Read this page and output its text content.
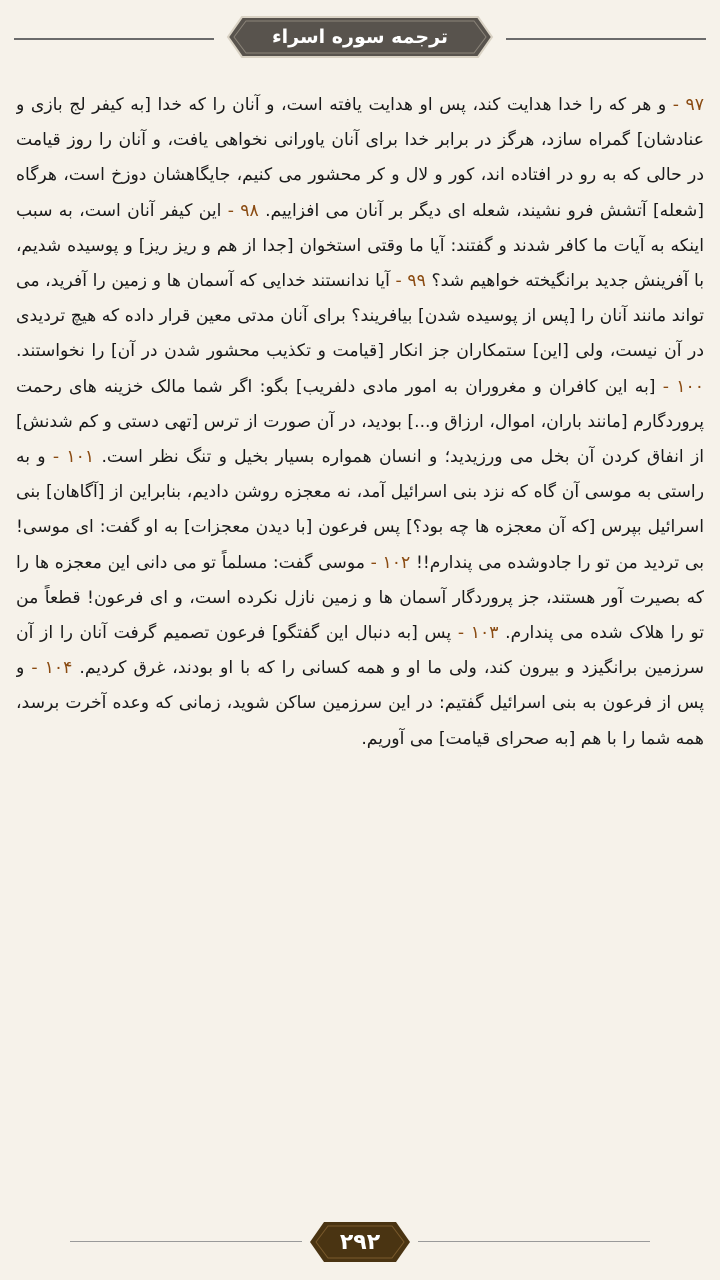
ترجمه سوره اسراء

۹۷ - و هر که را خدا هدایت کند، پس او هدایت یافته است، و آنان را که خدا [به کیفر لج بازی و عنادشان] گمراه سازد، هرگز در برابر خدا برای آنان یاورانی نخواهی یافت، و آنان را روز قیامت در حالی که به رو در افتاده اند، کور و لال و کر محشور می کنیم، جایگاهشان دوزخ است، هرگاه [شعله] آتشش فرو نشیند، شعله ای دیگر بر آنان می افزاییم. ۹۸ - این کیفر آنان است، به سبب اینکه به آیات ما کافر شدند و گفتند: آیا ما وقتی استخوان [جدا از هم و ریز ریز] و پوسیده شدیم، با آفرینش جدید برانگیخته خواهیم شد؟ ۹۹ - آیا ندانستند خدایی که آسمان ها و زمین را آفرید، می تواند مانند آنان را [پس از پوسیده شدن] بیافریند؟ برای آنان مدتی معین قرار داده که هیچ تردیدی در آن نیست، ولی [این] ستمکاران جز انکار [قیامت و تکذیب محشور شدن در آن] را نخواستند. ۱۰۰ - [به این کافران و مغروران به امور مادی دلفریب] بگو: اگر شما مالک خزینه های رحمت پروردگارم [مانند باران، اموال، ارزاق و...] بودید، در آن صورت از ترس [تهی دستی و کم شدنش] از انفاق کردن آن بخل می ورزیدید؛ و انسان همواره بسیار بخیل و تنگ نظر است. ۱۰۱ - و به راستی به موسی آن گاه که نزد بنی اسرائیل آمد، نه معجزه روشن دادیم، بنابراین از [آگاهان] بنی اسرائیل بپرس [که آن معجزه ها چه بود؟] پس فرعون [با دیدن معجزات] به او گفت: ای موسی! بی تردید من تو را جادوشده می پندارم!! ۱۰۲ - موسی گفت: مسلماً تو می دانی این معجزه ها را که بصیرت آور هستند، جز پروردگار آسمان ها و زمین نازل نکرده است، و ای فرعون! قطعاً من تو را هلاک شده می پندارم. ۱۰۳ - پس [به دنبال این گفتگو] فرعون تصمیم گرفت آنان را از آن سرزمین برانگیزد و بیرون کند، ولی ما او و همه کسانی را که با او بودند، غرق کردیم. ۱۰۴ - و پس از فرعون به بنی اسرائیل گفتیم: در این سرزمین ساکن شوید، زمانی که وعده آخرت برسد، همه شما را با هم [به صحرای قیامت] می آوریم.

۲۹۲
